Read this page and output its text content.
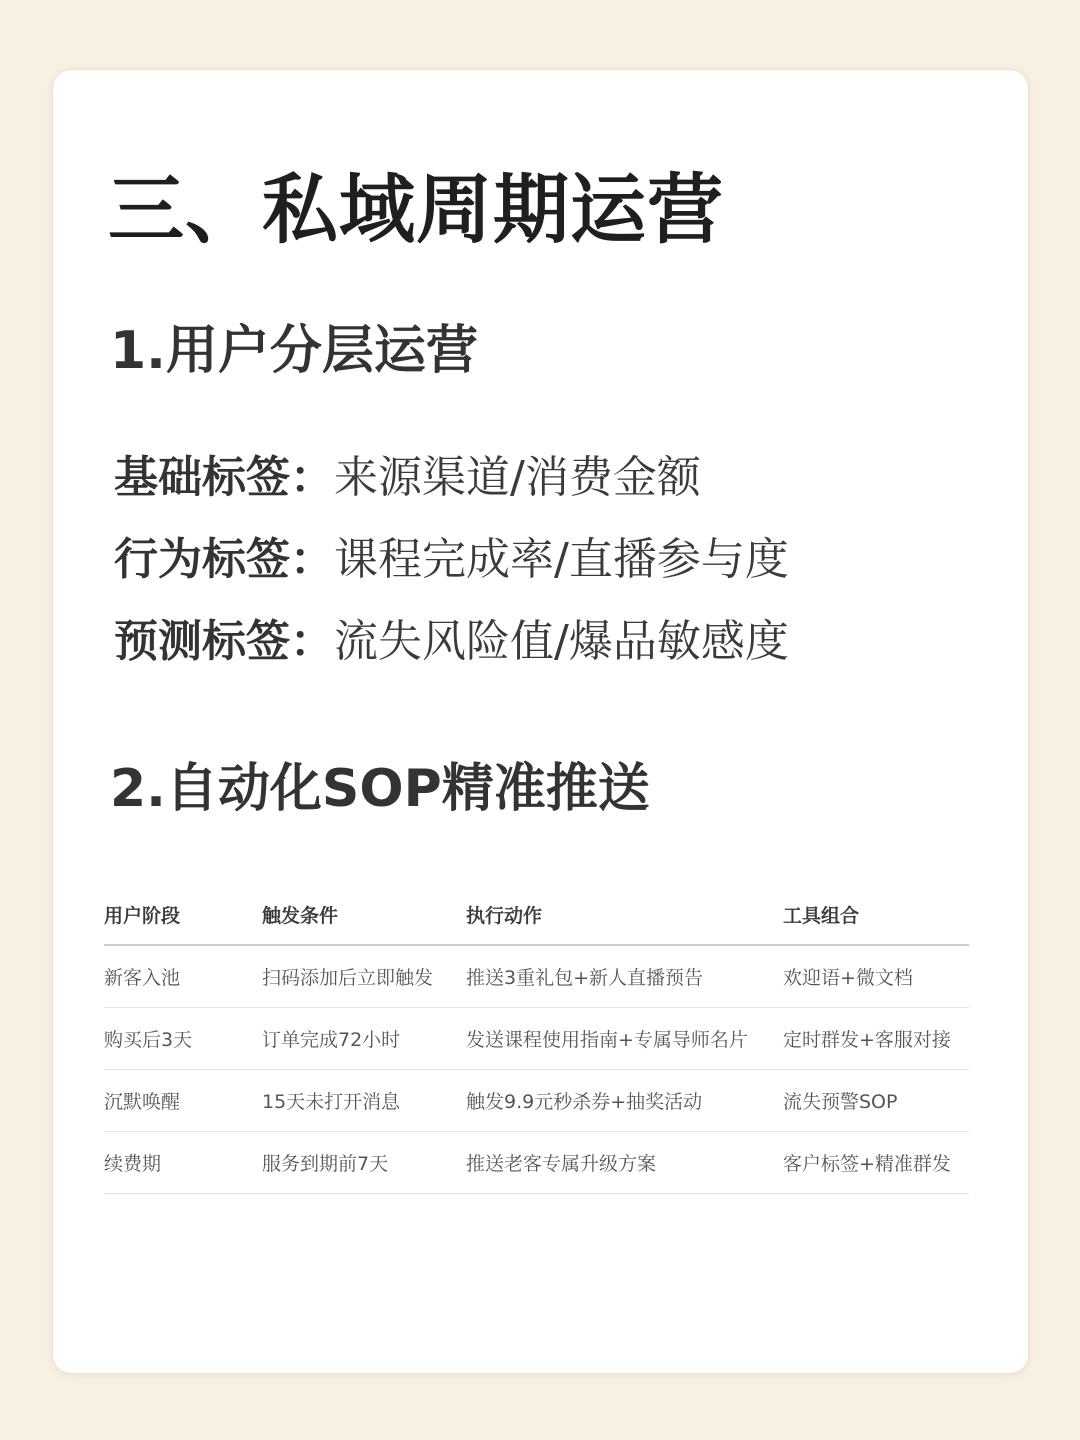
三、私域周期运营
1.用户分层运营
基础标签：来源渠道/消费金额
行为标签：课程完成率/直播参与度
预测标签：流失风险值/爆品敏感度
2.自动化SOP精准推送
用户阶段	触发条件	执行动作	工具组合
新客入池	扫码添加后立即触发	推送3重礼包+新人直播预告	欢迎语+微文档
购买后3天	订单完成72小时	发送课程使用指南+专属导师名片	定时群发+客服对接
沉默唤醒	15天未打开消息	触发9.9元秒杀券+抽奖活动	流失预警SOP
续费期	服务到期前7天	推送老客专属升级方案	客户标签+精准群发
